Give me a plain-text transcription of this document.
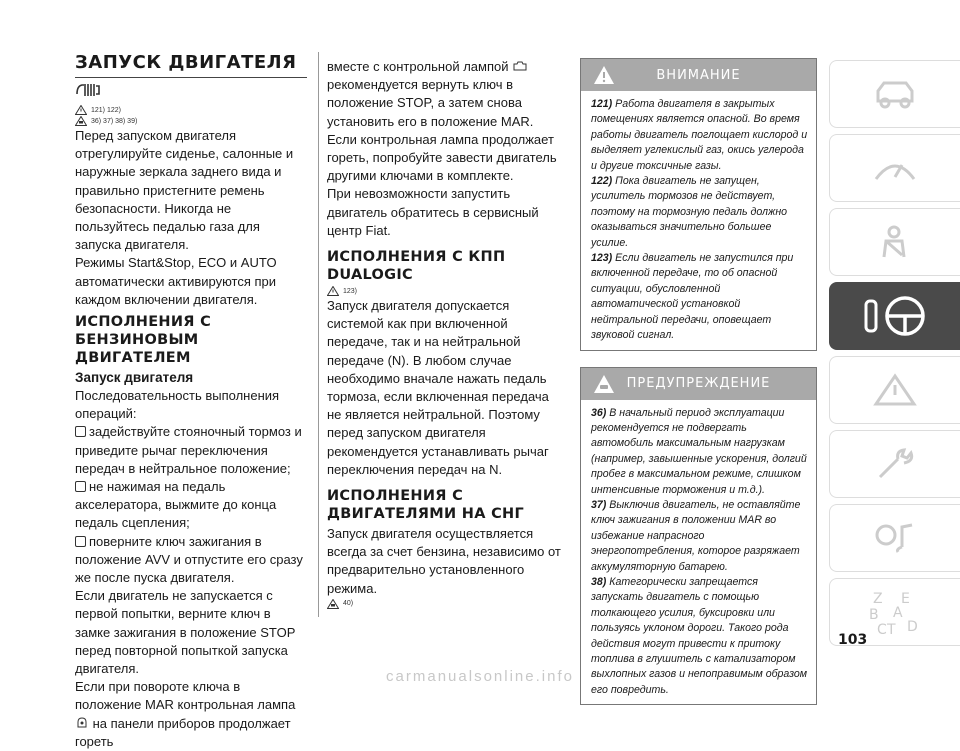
ЗАПУСК ДВИГАТЕЛЯ
121) 122)
36) 37) 38) 39)

Перед запуском двигателя отрегулируйте сиденье, салонные и наружные зеркала заднего вида и правильно пристегните ремень безопасности. Никогда не пользуйтесь педалью газа для запуска двигателя.

Режимы Start&Stop, ECO и AUTO автоматически активируются при каждом включении двигателя.

ИСПОЛНЕНИЯ С БЕНЗИНОВЫМ ДВИГАТЕЛЕМ
Запуск двигателя

Последовательность выполнения операций:

задействуйте стояночный тормоз и приведите рычаг переключения передач в нейтральное положение;

не нажимая на педаль акселератора, выжмите до конца педаль сцепления;

поверните ключ зажигания в положение AVV и отпустите его сразу же после пуска двигателя.

Если двигатель не запускается с первой попытки, верните ключ в замке зажигания в положение STOP перед повторной попыткой запуска двигателя.

Если при повороте ключа в положение MAR контрольная лампа  на панели приборов продолжает гореть

вместе с контрольной лампой  рекомендуется вернуть ключ в положение STOP, а затем снова установить его в положение MAR. Если контрольная лампа продолжает гореть, попробуйте завести двигатель другими ключами в комплекте.

При невозможности запустить двигатель обратитесь в сервисный центр Fiat.

ИСПОЛНЕНИЯ С КПП DUALOGIC
123)

Запуск двигателя допускается системой как при включенной передаче, так и на нейтральной передаче (N). В любом случае необходимо вначале нажать педаль тормоза, если включенная передача не является нейтральной. Поэтому перед запуском двигателя рекомендуется устанавливать рычаг переключения передач на N.

ИСПОЛНЕНИЯ С ДВИГАТЕЛЯМИ НА СНГ

Запуск двигателя осуществляется всегда за счет бензина, независимо от предварительно установленного режима.

40)
ВНИМАНИЕ
121) Работа двигателя в закрытых помещениях является опасной. Во время работы двигатель поглощает кислород и выделяет углекислый газ, окись углерода и другие токсичные газы.
122) Пока двигатель не запущен, усилитель тормозов не действует, поэтому на тормозную педаль должно оказываться значительно большее усилие.
123) Если двигатель не запустился при включенной передаче, то об опасной ситуации, обусловленной автоматической установкой нейтральной передачи, оповещает звуковой сигнал.
ПРЕДУПРЕЖДЕНИЕ
36) В начальный период эксплуатации рекомендуется не подвергать автомобиль максимальным нагрузкам (например, завышенные ускорения, долгий пробег в максимальном режиме, слишком интенсивные торможения и т.д.).
37) Выключив двигатель, не оставляйте ключ зажигания в положении MAR во избежание напрасного энергопотребления, которое разряжает аккумуляторную батарею.
38) Категорически запрещается запускать двигатель с помощью толкающего усилия, буксировки или пользуясь уклоном дороги. Такого рода действия могут привести к притоку топлива в глушитель с катализатором выхлопных газов и непоправимым образом его повредить.
Z E
B A
C T D
103
carmanualsonline.info
